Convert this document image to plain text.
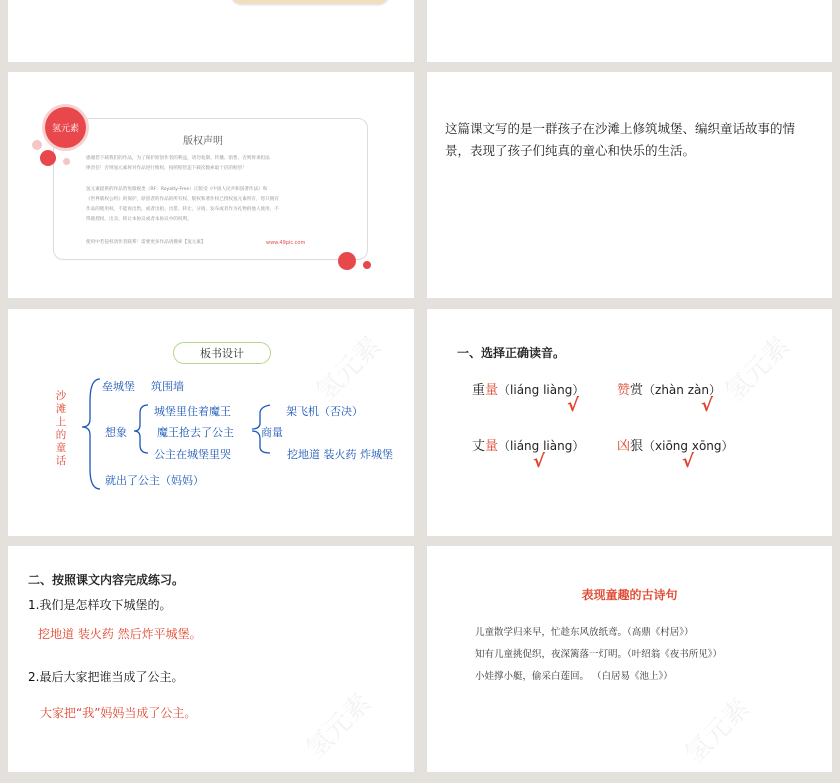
氢元素
版权声明
感谢您下载我们的作品，为了保护原创作者的利益，请勿复制、传播、销售，否则将承担法
律责任！否则氢元素将对作品进行维权，按照赔偿违下载次数索取十倍的赔偿！
氢元素提供的作品皆免版税类（RF：Royalty-Free）正版受《中国人民共和国著作法》和
《世界版权公约》的保护，原创者的作品的所有权、版权和著作权已授权氢元素所有，您只拥有
作品的使用权，不能再出售，或者出租、出借、转让、分销、发布或者作为礼物供他人使用，不
得就授权、出卖、转让本协议或者本协议中的权利。
使用中若侵权请作者联系！需要更多作品请搜索【氢元素】	www.49pic.com
这篇课文写的是一群孩子在沙滩上修筑城堡、编织童话故事的情景，表现了孩子们纯真的童心和快乐的生活。
板书设计
沙滩上的童话
垒城堡 筑围墙
城堡里住着魔王	架飞机（否决）
想象	魔王抢去了公主 商量
公主在城堡里哭	挖地道 装火药 炸城堡
就出了公主（妈妈）
氢元素	一、选择正确读音。
重量（liáng liàng）
√
赞赏（zhàn zàn）
√
丈量（liáng liàng）
√
凶狠（xiōng xōng）
√
氢元素
二、按照课文内容完成练习。
1.我们是怎样攻下城堡的。
挖地道 装火药 然后炸平城堡。
2.最后大家把谁当成了公主。
大家把“我”妈妈当成了公主。	氢元素
表现童趣的古诗句
儿童散学归来早，忙趁东风放纸鸢。（高鼎《村居》）
知有儿童挑促织，夜深篱落一灯明。（叶绍翁《夜书所见》）
小娃撑小艇，偷采白莲回。 （白居易《池上》）
氢元素
